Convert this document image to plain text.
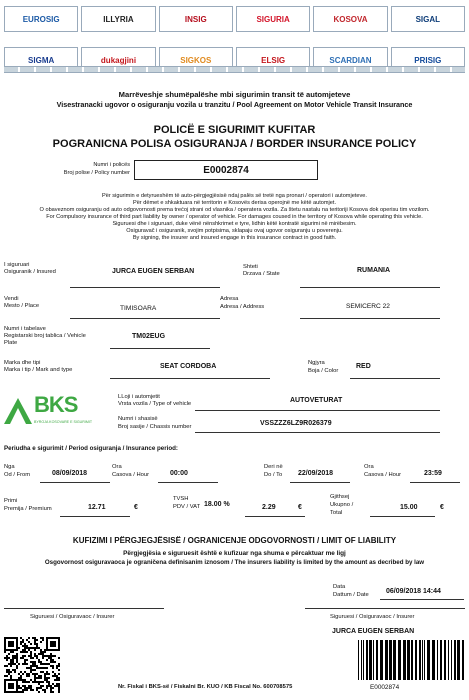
EUROSIG	ILLYRIA	INSIG	SIGURIA	KOSOVA	SIGAL
SIGMA	dukagjini	SIGKOS	ELSIG	SCARDIAN	PRISIG
Marrëveshje shumëpalëshe mbi sigurimin transit të automjeteve
Visestranacki ugovor o osiguranju vozila u tranzitu / Pool Agreement on Motor Vehicle Transit Insurance
POLICË E SIGURIMIT KUFITAR
POGRANICNA POLISA OSIGURANJA / BORDER INSURANCE POLICY
Numri i policës
Broj polise / Policy number	E0002874
Për sigurimin e detyrueshëm të auto-përgjegjësisë ndaj palës së tretë nga pronari / operatori i automjeteve.
Për dëmet e shkaktuara në territorin e Kosovës derisa operojnë me këtë automjet.
O obaveznom osiguranju od auto odgovornosti prema trećoj strani od vlasnika / operatera vozila. Za štetu nastalu na teritoriji Kosova dok operisu tim vozilom.
For Compulsory insurance of third part liability by owner / operator of vehicle. For damages coused in the territory of Kosova while operating this vehicle.
Siguruesi dhe i siguruari, duke vënë nënshkrimet e tyre, lidhin këtë kontratë sigurimi në mirëbesim.
Osiguravač i osiguranik, svojim potpisima, sklapaju ovaj ugovor osiguranju u poverenju.
By signing, the insurer and insured engage in this insurance contract in good faith.
I siguruari
Osiguranik / Insured	JURCA EUGEN SERBAN
Shteti
Drzava / State	RUMANIA
Vendi
Mesto / Place	TIMISOARA
Adresa
Adresa / Address	SEMICERC 22
Numri i tabelave
Registarski broj tablica / Vehicle
Plate
TM02EUG
Marka dhe tipi
Marka i tip / Mark and type	SEAT CORDOBA	Ngjyra
Boja / Color
RED
BKS
BYROJA KOSOVARE E SIGURIMIT
LLoji i automjetit
Vrsta vozila / Type of vehicle	AUTOVETURAT
Numri i shasisë
Broj sasije / Chassis number	VSSZZZ6LZ9R026379
Periudha e sigurimit / Period osiguranja / Insurance period:
Nga
Od / From	08/09/2018
Ora
Casova / Hour	00:00
Deri në
Do / To 22/09/2018
Ora
Casova / Hour	23:59
Primi
Premija / Premium	12.71	€
TVSH
PDV / VAT 18.00 %	2.29	€
Gjithsej
Ukupno /
Total
15.00	€
KUFIZIMI I PËRGJEGJËSISË / OGRANICENJE ODGOVORNOSTI / LIMIT OF LIABILITY
Përgjegjësia e siguruesit është e kufizuar nga shuma e përcaktuar me ligj
Osgovornost osiguravaoca je ograničena definisanim iznosom / The insurers liability is limited by the amount as decribed by law
Data
Dattum / Date 06/09/2018 14:44
Siguruesi / Osiguravaoc / Insurer	Siguruesi / Osiguravaoc / Insurer
JURCA EUGEN SERBAN
Nr. Fiskal i BKS-së / Fiskalni Br. KUO / KB Fiscal No. 600708575	E0002874
